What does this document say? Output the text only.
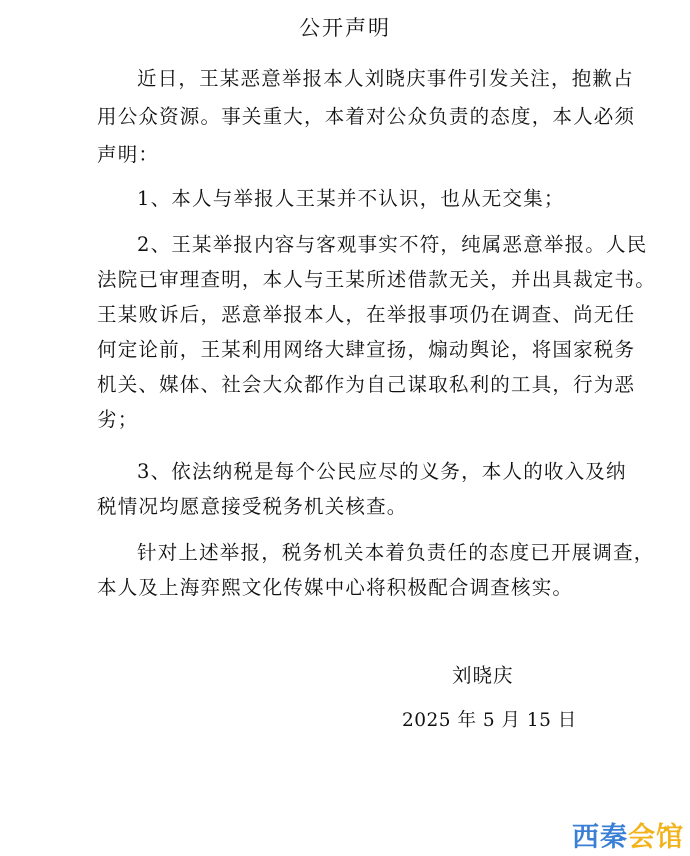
公开声明
近日，王某恶意举报本人刘晓庆事件引发关注，抱歉占
用公众资源。事关重大，本着对公众负责的态度，本人必须
声明：
1、本人与举报人王某并不认识，也从无交集；
2、王某举报内容与客观事实不符，纯属恶意举报。人民
法院已审理查明，本人与王某所述借款无关，并出具裁定书。
王某败诉后，恶意举报本人，在举报事项仍在调查、尚无任
何定论前，王某利用网络大肆宣扬，煽动舆论，将国家税务
机关、媒体、社会大众都作为自己谋取私利的工具，行为恶
劣；
3、依法纳税是每个公民应尽的义务，本人的收入及纳
税情况均愿意接受税务机关核查。
针对上述举报，税务机关本着负责任的态度已开展调查，
本人及上海弈熙文化传媒中心将积极配合调查核实。
刘晓庆
2025 年 5 月 15 日
西秦会馆
